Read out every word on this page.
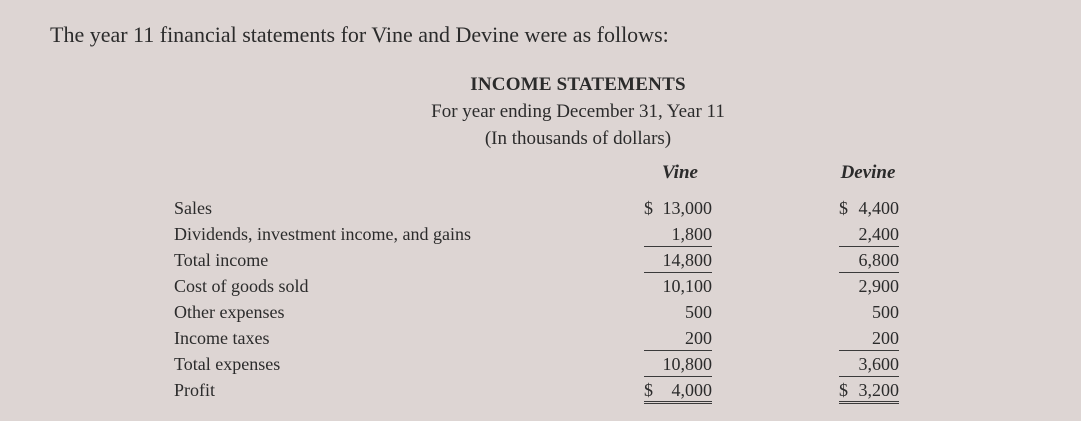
The year 11 financial statements for Vine and Devine were as follows:
INCOME STATEMENTS
For year ending December 31, Year 11
(In thousands of dollars)
Vine	Devine
Sales	$ 13,000	$ 4,400
Dividends, investment income, and gains	1,800	2,400
Total income	14,800	6,800
Cost of goods sold	10,100	2,900
Other expenses	500	500
Income taxes	200	200
Total expenses	10,800	3,600
Profit	$ 4,000	$ 3,200
